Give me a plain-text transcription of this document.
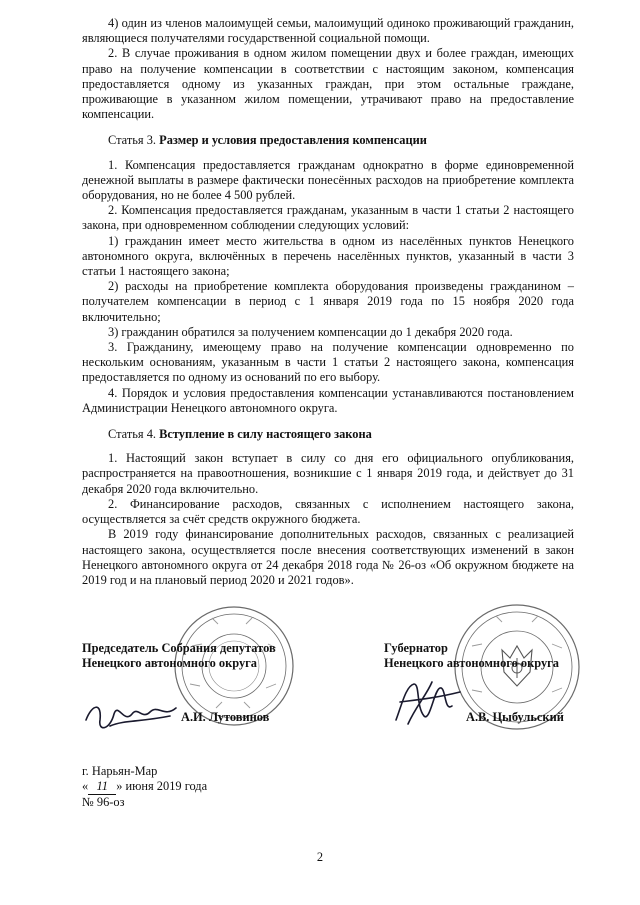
4) один из членов малоимущей семьи, малоимущий одиноко проживающий гражданин, являющиеся получателями государственной социальной помощи.

2. В случае проживания в одном жилом помещении двух и более граждан, имеющих право на получение компенсации в соответствии с настоящим законом, компенсация предоставляется одному из указанных граждан, при этом остальные граждане, проживающие в указанном жилом помещении, утрачивают право на предоставление компенсации.

Статья 3. Размер и условия предоставления компенсации

1. Компенсация предоставляется гражданам однократно в форме единовременной денежной выплаты в размере фактически понесённых расходов на приобретение комплекта оборудования, но не более 4 500 рублей.

2. Компенсация предоставляется гражданам, указанным в части 1 статьи 2 настоящего закона, при одновременном соблюдении следующих условий:

1) гражданин имеет место жительства в одном из населённых пунктов Ненецкого автономного округа, включённых в перечень населённых пунктов, указанный в части 3 статьи 1 настоящего закона;

2) расходы на приобретение комплекта оборудования произведены гражданином – получателем компенсации в период с 1 января 2019 года по 15 ноября 2020 года включительно;

3) гражданин обратился за получением компенсации до 1 декабря 2020 года.

3. Гражданину, имеющему право на получение компенсации одновременно по нескольким основаниям, указанным в части 1 статьи 2 настоящего закона, компенсация предоставляется по одному из оснований по его выбору.

4. Порядок и условия предоставления компенсации устанавливаются постановлением Администрации Ненецкого автономного округа.

Статья 4. Вступление в силу настоящего закона

1. Настоящий закон вступает в силу со дня его официального опубликования, распространяется на правоотношения, возникшие с 1 января 2019 года, и действует до 31 декабря 2020 года включительно.

2. Финансирование расходов, связанных с исполнением настоящего закона, осуществляется за счёт средств окружного бюджета.

В 2019 году финансирование дополнительных расходов, связанных с реализацией настоящего закона, осуществляется после внесения соответствующих изменений в закон Ненецкого автономного округа от 24 декабря 2018 года № 26-оз «Об окружном бюджете на 2019 год и на плановый период 2020 и 2021 годов».

Председатель Собрания депутатов
Ненецкого автономного округа
А.И. Лутовинов
Губернатор
Ненецкого автономного округа
А.В. Цыбульский
г. Нарьян-Мар
« 11 » июня 2019 года
№ 96-оз
2
